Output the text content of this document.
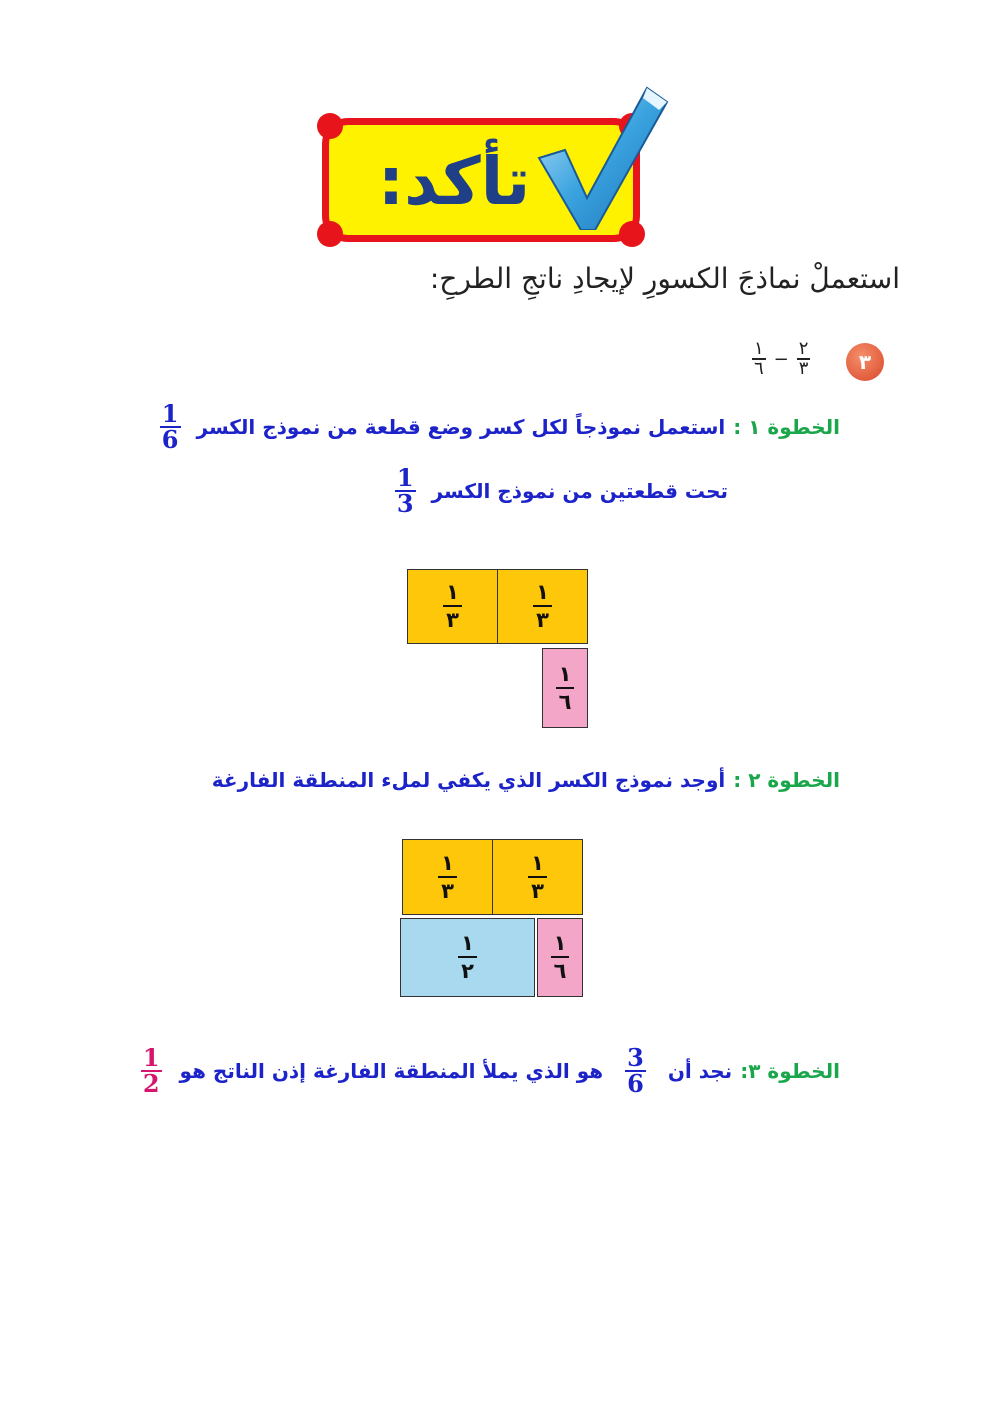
تأكد:
استعملْ نماذجَ الكسورِ لإيجادِ ناتجِ الطرحِ:
٣
$\frac{١}{٦} - \frac{٢}{٣}$
الخطوة ١ :
استعمل نموذجاً لكل كسر وضع قطعة من نموذج الكسر
$\frac{1}{6}$
تحت قطعتين من نموذج الكسر
$\frac{1}{3}$
$\frac{١}{٣}$	$\frac{١}{٣}$
$\frac{١}{٦}$
الخطوة ٢ :
أوجد نموذج الكسر الذي يكفي لملء المنطقة الفارغة
$\frac{١}{٣}$	$\frac{١}{٣}$
$\frac{١}{٢}$	$\frac{١}{٦}$
الخطوة ٣:
نجد أن
$\frac{3}{6}$
هو الذي يملأ المنطقة الفارغة إذن الناتج هو
$\frac{1}{2}$
